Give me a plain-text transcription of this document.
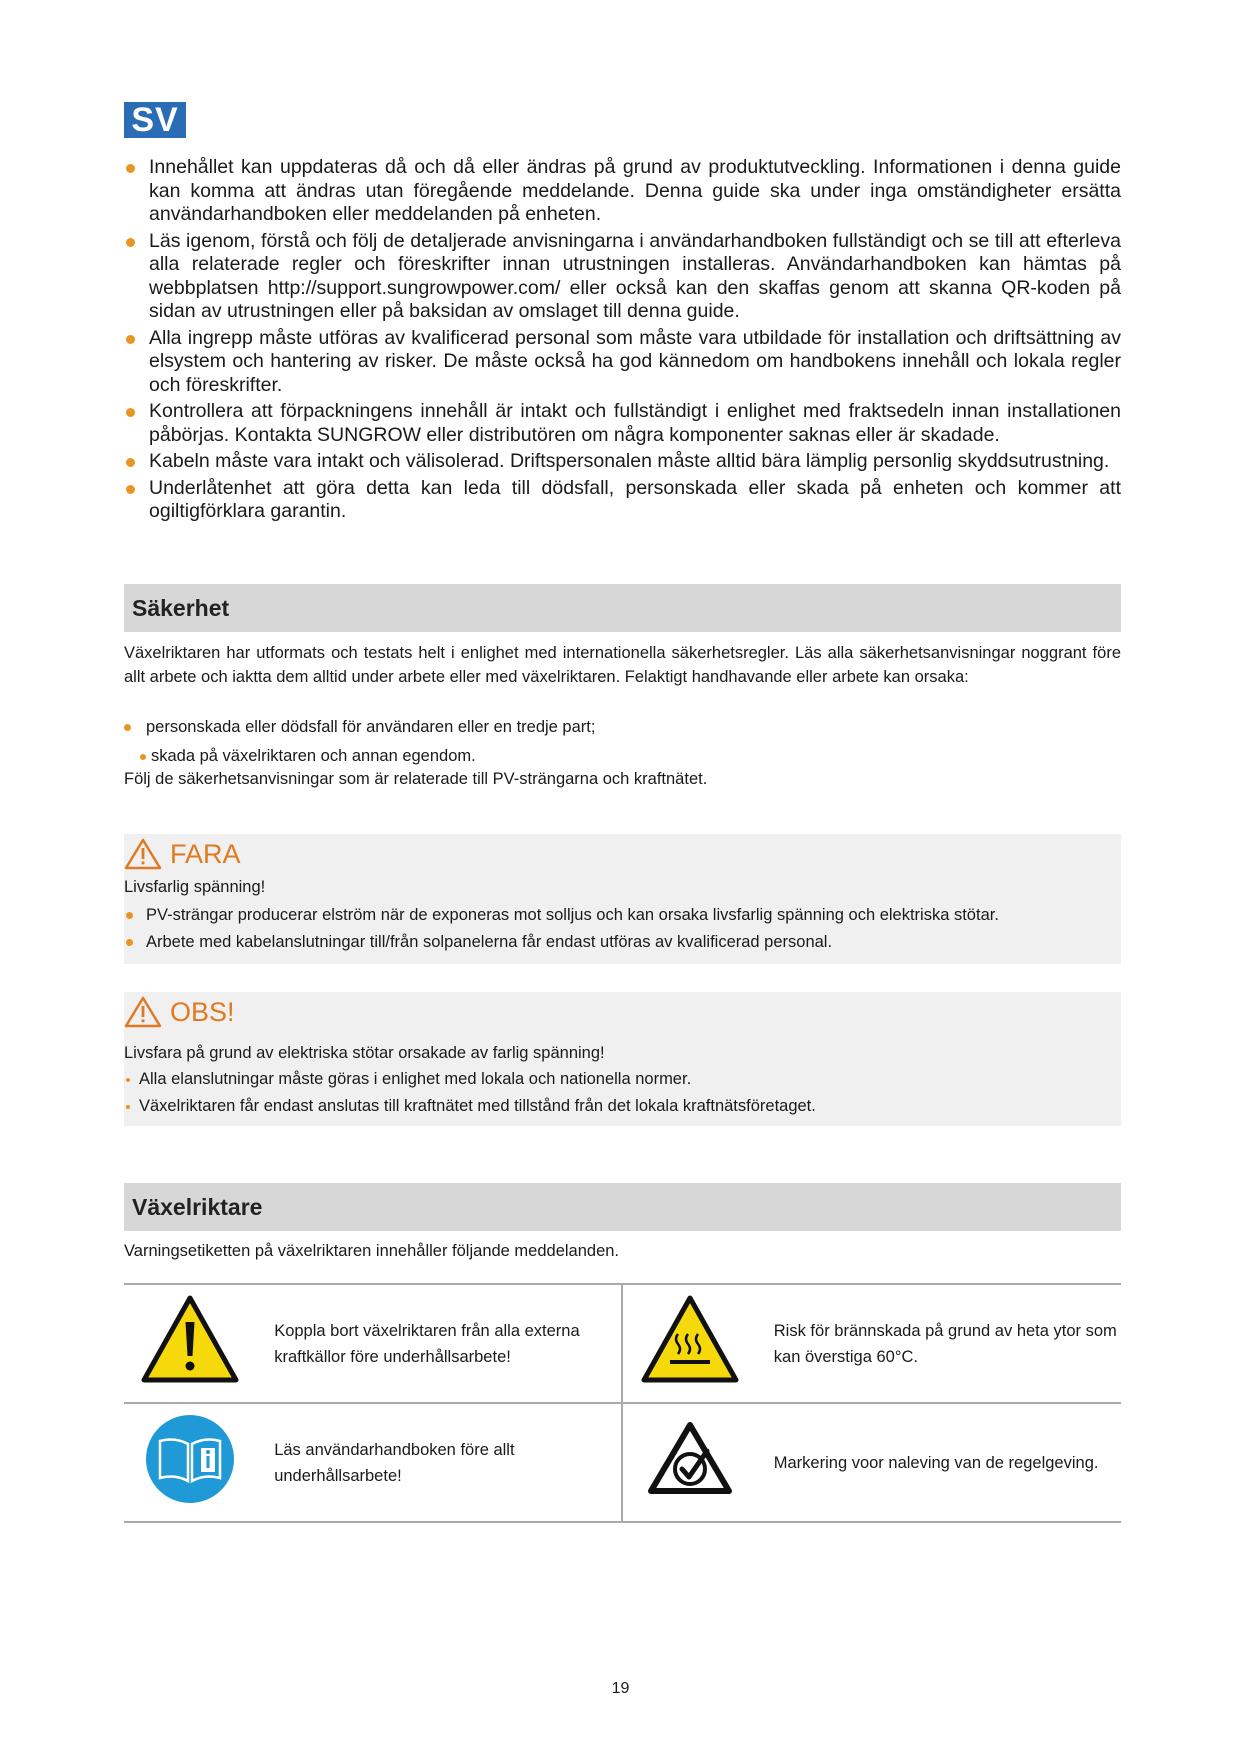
SV
Innehållet kan uppdateras då och då eller ändras på grund av produktutveckling. Informationen i denna guide kan komma att ändras utan föregående meddelande. Denna guide ska under inga omständigheter ersätta användarhandboken eller meddelanden på enheten.
Läs igenom, förstå och följ de detaljerade anvisningarna i användarhandboken fullständigt och se till att efterleva alla relaterade regler och föreskrifter innan utrustningen installeras. Användarhandboken kan hämtas på webbplatsen http://support.sungrowpower.com/ eller också kan den skaffas genom att skanna QR-koden på sidan av utrustningen eller på baksidan av omslaget till denna guide.
Alla ingrepp måste utföras av kvalificerad personal som måste vara utbildade för installation och driftsättning av elsystem och hantering av risker. De måste också ha god kännedom om handbokens innehåll och lokala regler och föreskrifter.
Kontrollera att förpackningens innehåll är intakt och fullständigt i enlighet med fraktsedeln innan installationen påbörjas. Kontakta SUNGROW eller distributören om några komponenter saknas eller är skadade.
Kabeln måste vara intakt och välisolerad. Driftspersonalen måste alltid bära lämplig personlig skyddsutrustning.
Underlåtenhet att göra detta kan leda till dödsfall, personskada eller skada på enheten och kommer att ogiltigförklara garantin.
Säkerhet

Växelriktaren har utformats och testats helt i enlighet med internationella säkerhetsregler. Läs alla säkerhetsanvisningar noggrant före allt arbete och iaktta dem alltid under arbete eller med växelriktaren. Felaktigt handhavande eller arbete kan orsaka:

personskada eller dödsfall för användaren eller en tredje part;
skada på växelriktaren och annan egendom.

Följ de säkerhetsanvisningar som är relaterade till PV-strängarna och kraftnätet.

FARA
Livsfarlig spänning!
PV-strängar producerar elström när de exponeras mot solljus och kan orsaka livsfarlig spänning och elektriska stötar.
Arbete med kabelanslutningar till/från solpanelerna får endast utföras av kvalificerad personal.
OBS!
Livsfara på grund av elektriska stötar orsakade av farlig spänning!
Alla elanslutningar måste göras i enlighet med lokala och nationella normer.
Växelriktaren får endast anslutas till kraftnätet med tillstånd från det lokala kraftnätsföretaget.
Växelriktare

Varningsetiketten på växelriktaren innehåller följande meddelanden.

	Koppla bort växelriktaren från alla externa kraftkällor före underhållsarbete!		Risk för brännskada på grund av heta ytor som kan överstiga 60°C.
	Läs användarhandboken före allt underhållsarbete!		Markering voor naleving van de regelgeving.
19
